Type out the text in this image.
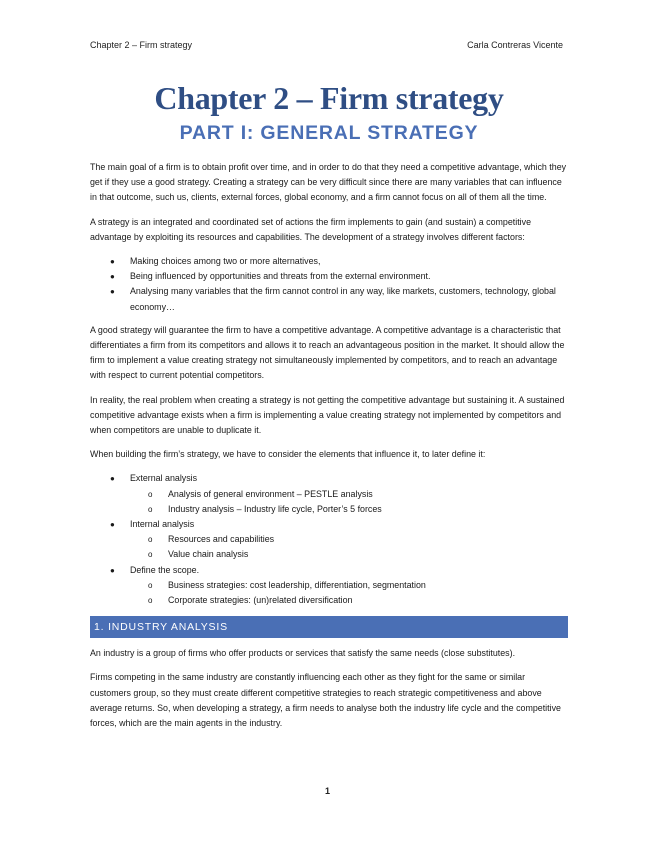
Chapter 2 – Firm strategy	Carla Contreras Vicente
Chapter 2 – Firm strategy
PART I: GENERAL STRATEGY

The main goal of a firm is to obtain profit over time, and in order to do that they need a competitive advantage, which they get if they use a good strategy. Creating a strategy can be very difficult since there are many variables that can influence in that outcome, such us, clients, external forces, global economy, and a firm cannot focus on all of them all the time.

A strategy is an integrated and coordinated set of actions the firm implements to gain (and sustain) a competitive advantage by exploiting its resources and capabilities. The development of a strategy involves different factors:

● Making choices among two or more alternatives,
● Being influenced by opportunities and threats from the external environment.
● Analysing many variables that the firm cannot control in any way, like markets, customers, technology, global economy…

A good strategy will guarantee the firm to have a competitive advantage. A competitive advantage is a characteristic that differentiates a firm from its competitors and allows it to reach an advantageous position in the market. It should allow the firm to implement a value creating strategy not simultaneously implemented by competitors, and to reach an advantage with respect to current potential competitors.

In reality, the real problem when creating a strategy is not getting the competitive advantage but sustaining it. A sustained competitive advantage exists when a firm is implementing a value creating strategy not implemented by competitors and when competitors are unable to duplicate it.

When building the firm’s strategy, we have to consider the elements that influence it, to later define it:

● External analysis
o Analysis of general environment – PESTLE analysis
o Industry analysis – Industry life cycle, Porter’s 5 forces
● Internal analysis
o Resources and capabilities
o Value chain analysis
● Define the scope.
o Business strategies: cost leadership, differentiation, segmentation
o Corporate strategies: (un)related diversification
1. INDUSTRY ANALYSIS

An industry is a group of firms who offer products or services that satisfy the same needs (close substitutes).

Firms competing in the same industry are constantly influencing each other as they fight for the same or similar customers group, so they must create different competitive strategies to reach strategic competitiveness and above average returns. So, when developing a strategy, a firm needs to analyse both the industry life cycle and the competitive forces, which are the main agents in the industry.

1
